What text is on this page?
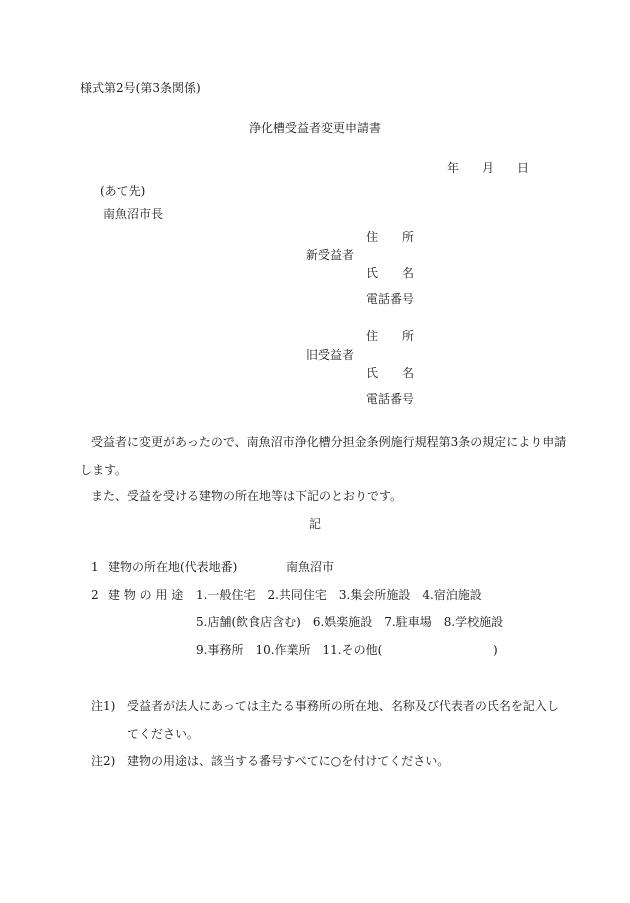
様式第2号(第3条関係)
浄化槽受益者変更申請書
年 月 日
(あて先)
南魚沼市長
新受益者
住　　所
氏　　名
電話番号
旧受益者
住　　所
氏　　名
電話番号
受益者に変更があったので、南魚沼市浄化槽分担金条例施行規程第3条の規定により申請
します。
また、受益を受ける建物の所在地等は下記のとおりです。
記
1 建物の所在地(代表地番)	南魚沼市
2 建 物 の 用 途 1.一般住宅　2.共同住宅　3.集会所施設　4.宿泊施設
5.店舗(飲食店含む)　6.娯楽施設　7.駐車場　8.学校施設
9.事務所　10.作業所　11.その他(	)
注1) 受益者が法人にあっては主たる事務所の所在地、名称及び代表者の氏名を記入し
てください。
注2) 建物の用途は、該当する番号すべてに○を付けてください。
